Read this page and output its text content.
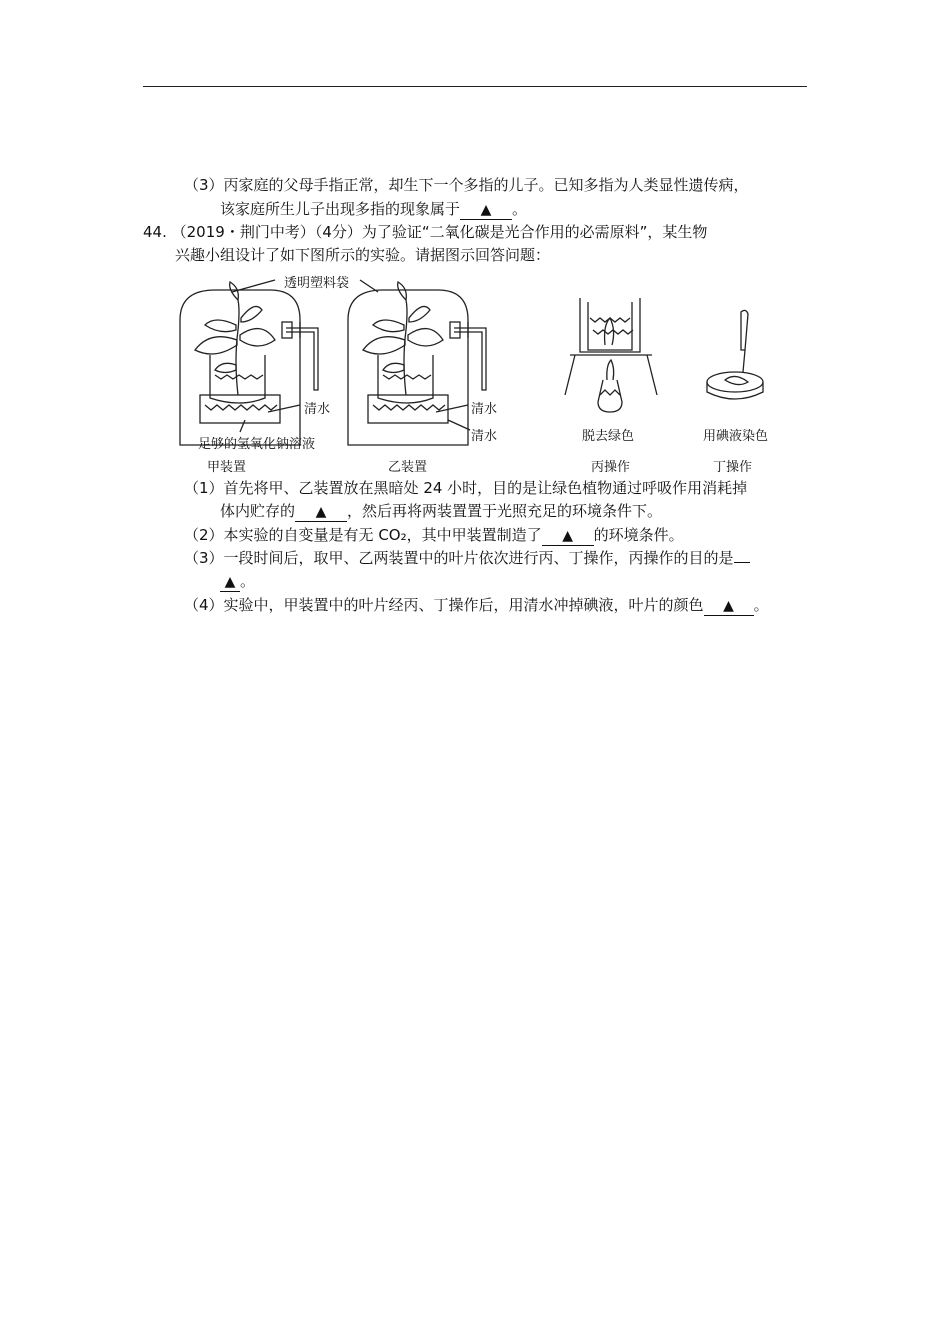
（3）丙家庭的父母手指正常，却生下一个多指的儿子。已知多指为人类显性遗传病，
该家庭所生儿子出现多指的现象属于 ▲ 。
44. （2019・荆门中考）（4分）为了验证“二氧化碳是光合作用的必需原料”，某生物
兴趣小组设计了如下图所示的实验。请据图示回答问题：
透明塑料袋
清水	清水
清水
足够的氢氧化钠溶液
脱去绿色	用碘液染色
甲装置	乙装置	丙操作	丁操作
（1）首先将甲、乙装置放在黑暗处 24 小时，目的是让绿色植物通过呼吸作用消耗掉
体内贮存的 ▲ ，然后再将两装置置于光照充足的环境条件下。
（2）本实验的自变量是有无 CO₂，其中甲装置制造了 ▲ 的环境条件。
（3）一段时间后，取甲、乙两装置中的叶片依次进行丙、丁操作，丙操作的目的是
▲ 。
（4）实验中，甲装置中的叶片经丙、丁操作后，用清水冲掉碘液，叶片的颜色 ▲ 。
